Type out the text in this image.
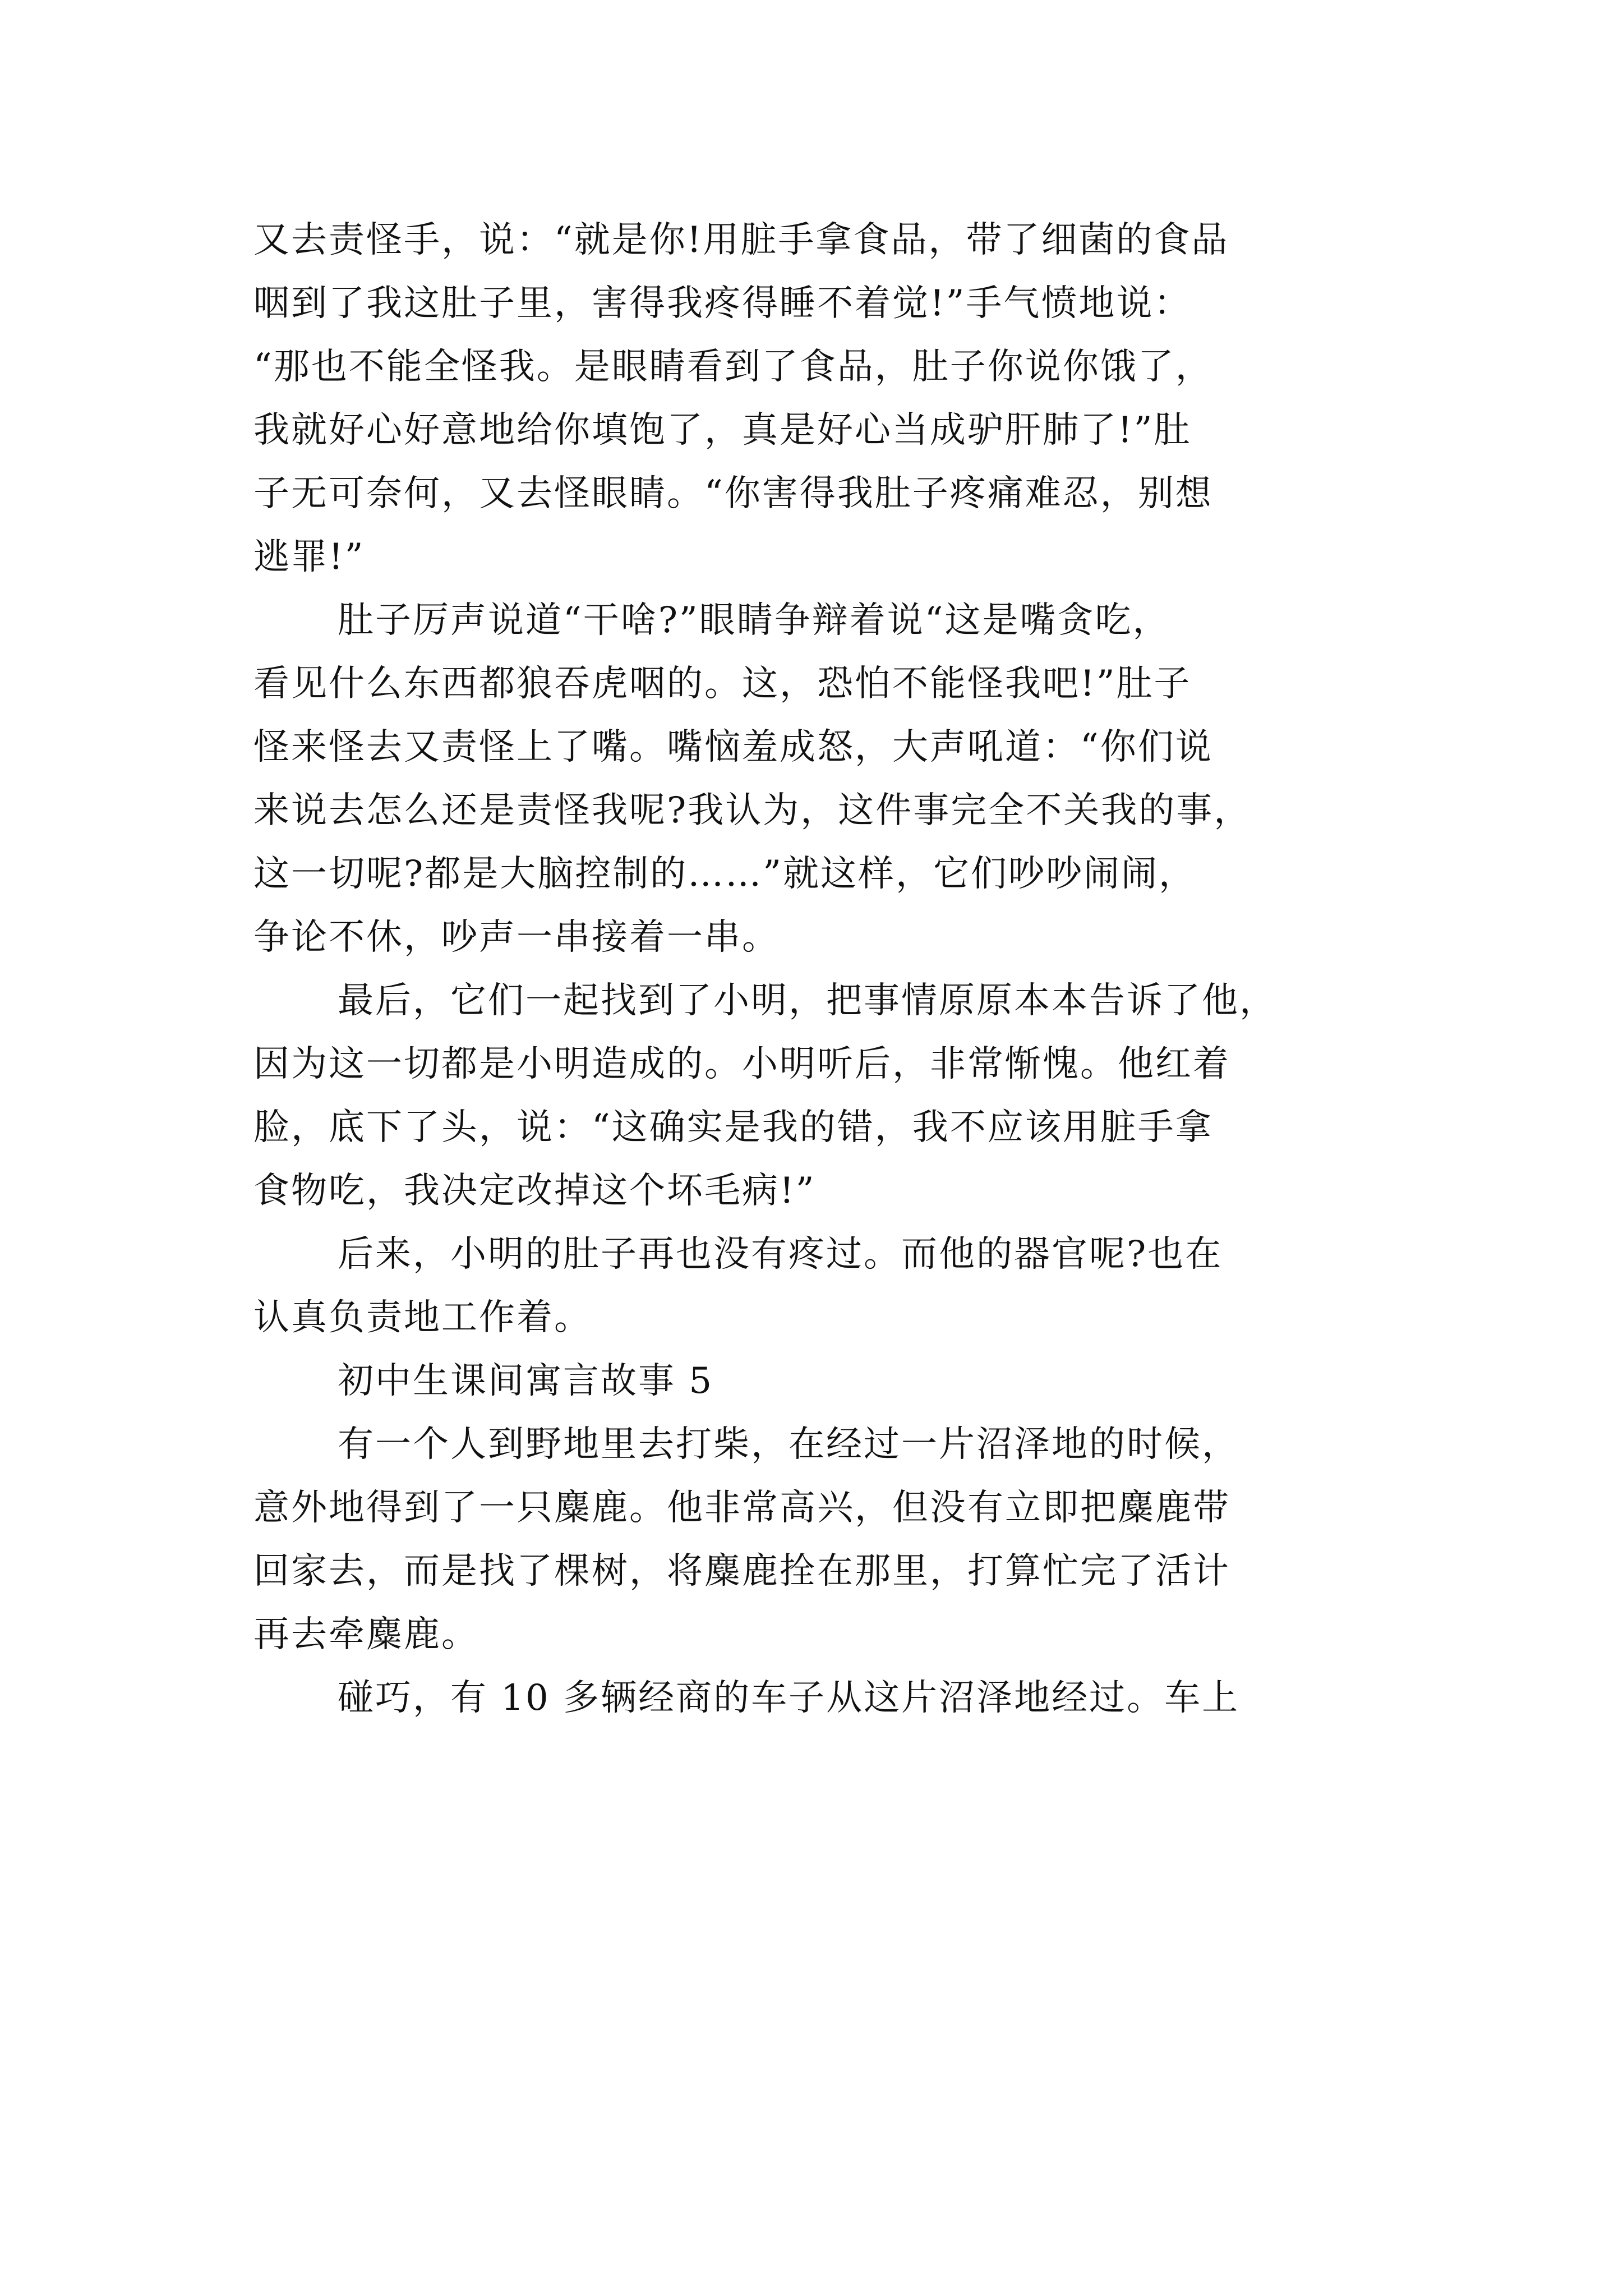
又去责怪手，说：“就是你!用脏手拿食品，带了细菌的食品
咽到了我这肚子里，害得我疼得睡不着觉!”手气愤地说：
“那也不能全怪我。是眼睛看到了食品，肚子你说你饿了，
我就好心好意地给你填饱了，真是好心当成驴肝肺了!”肚
子无可奈何，又去怪眼睛。“你害得我肚子疼痛难忍，别想
逃罪!”
肚子厉声说道“干啥?”眼睛争辩着说“这是嘴贪吃，
看见什么东西都狼吞虎咽的。这，恐怕不能怪我吧!”肚子
怪来怪去又责怪上了嘴。嘴恼羞成怒，大声吼道：“你们说
来说去怎么还是责怪我呢?我认为，这件事完全不关我的事，
这一切呢?都是大脑控制的……”就这样，它们吵吵闹闹，
争论不休，吵声一串接着一串。
最后，它们一起找到了小明，把事情原原本本告诉了他，
因为这一切都是小明造成的。小明听后，非常惭愧。他红着
脸，底下了头，说：“这确实是我的错，我不应该用脏手拿
食物吃，我决定改掉这个坏毛病!”
后来，小明的肚子再也没有疼过。而他的器官呢?也在
认真负责地工作着。
初中生课间寓言故事 5
有一个人到野地里去打柴，在经过一片沼泽地的时候，
意外地得到了一只麋鹿。他非常高兴，但没有立即把麋鹿带
回家去，而是找了棵树，将麋鹿拴在那里，打算忙完了活计
再去牵麋鹿。
碰巧，有 10 多辆经商的车子从这片沼泽地经过。车上
